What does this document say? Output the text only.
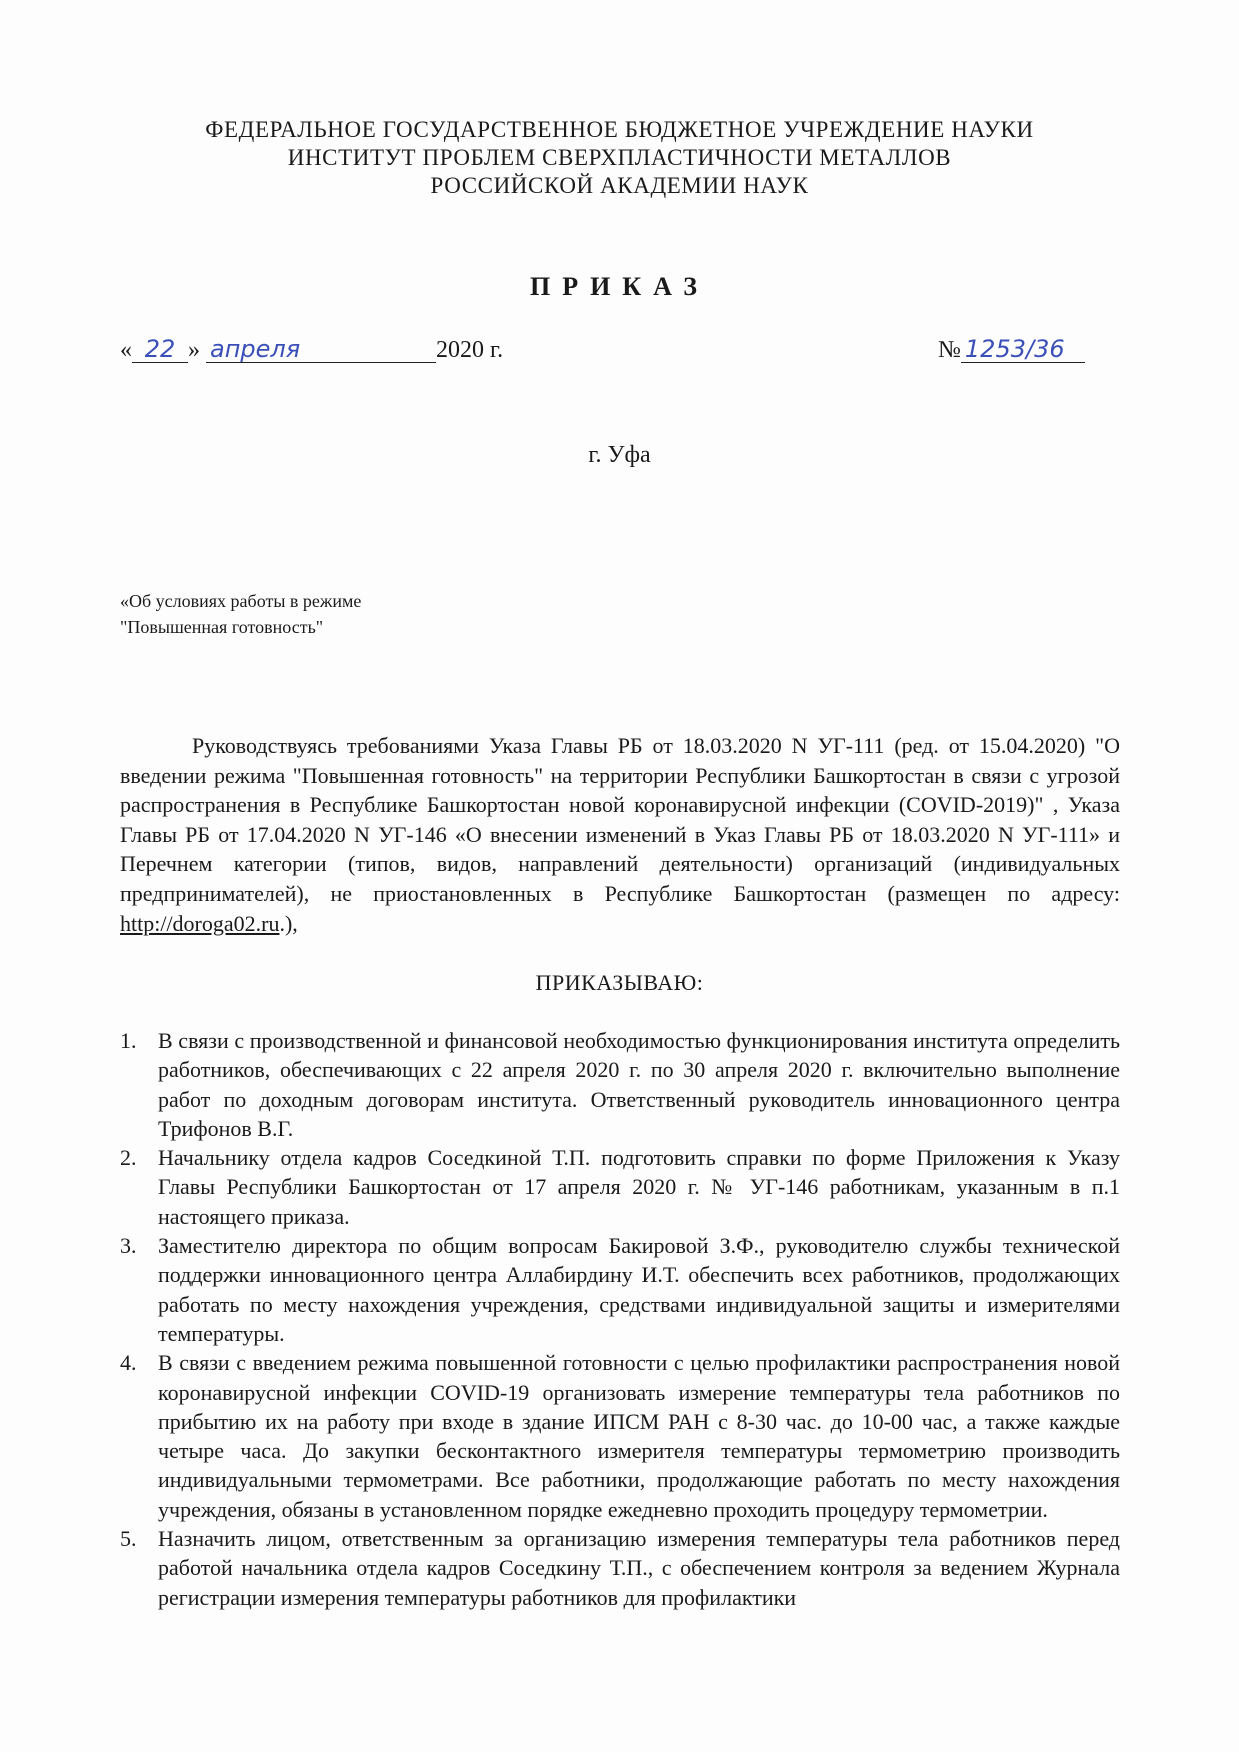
ФЕДЕРАЛЬНОЕ ГОСУДАРСТВЕННОЕ БЮДЖЕТНОЕ УЧРЕЖДЕНИЕ НАУКИ
ИНСТИТУТ ПРОБЛЕМ СВЕРХПЛАСТИЧНОСТИ МЕТАЛЛОВ
РОССИЙСКОЙ АКАДЕМИИ НАУК
ПРИКАЗ
« 22 » апреля	2020 г.	№ 1253/36
г. Уфа
«Об условиях работы в режиме
"Повышенная готовность"
Руководствуясь требованиями Указа Главы РБ от 18.03.2020 N УГ-111 (ред. от 15.04.2020) "О введении режима "Повышенная готовность" на территории Республики Башкортостан в связи с угрозой распространения в Республике Башкортостан новой коронавирусной инфекции (COVID-2019)" , Указа Главы РБ от 17.04.2020 N УГ-146 «О внесении изменений в Указ Главы РБ от 18.03.2020 N УГ-111» и Перечнем категории (типов, видов, направлений деятельности) организаций (индивидуальных предпринимателей), не приостановленных в Республике Башкортостан (размещен по адресу: http://doroga02.ru.),
ПРИКАЗЫВАЮ:
1. В связи с производственной и финансовой необходимостью функционирования института определить работников, обеспечивающих с 22 апреля 2020 г. по 30 апреля 2020 г. включительно выполнение работ по доходным договорам института. Ответственный руководитель инновационного центра Трифонов В.Г.
2. Начальнику отдела кадров Соседкиной Т.П. подготовить справки по форме Приложения к Указу Главы Республики Башкортостан от 17 апреля 2020 г. № УГ-146 работникам, указанным в п.1 настоящего приказа.
3. Заместителю директора по общим вопросам Бакировой З.Ф., руководителю службы технической поддержки инновационного центра Аллабирдину И.Т. обеспечить всех работников, продолжающих работать по месту нахождения учреждения, средствами индивидуальной защиты и измерителями температуры.
4. В связи с введением режима повышенной готовности с целью профилактики распространения новой коронавирусной инфекции COVID-19 организовать измерение температуры тела работников по прибытию их на работу при входе в здание ИПСМ РАН с 8-30 час. до 10-00 час, а также каждые четыре часа. До закупки бесконтактного измерителя температуры термометрию производить индивидуальными термометрами. Все работники, продолжающие работать по месту нахождения учреждения, обязаны в установленном порядке ежедневно проходить процедуру термометрии.
5. Назначить лицом, ответственным за организацию измерения температуры тела работников перед работой начальника отдела кадров Соседкину Т.П., с обеспечением контроля за ведением Журнала регистрации измерения температуры работников для профилактики
